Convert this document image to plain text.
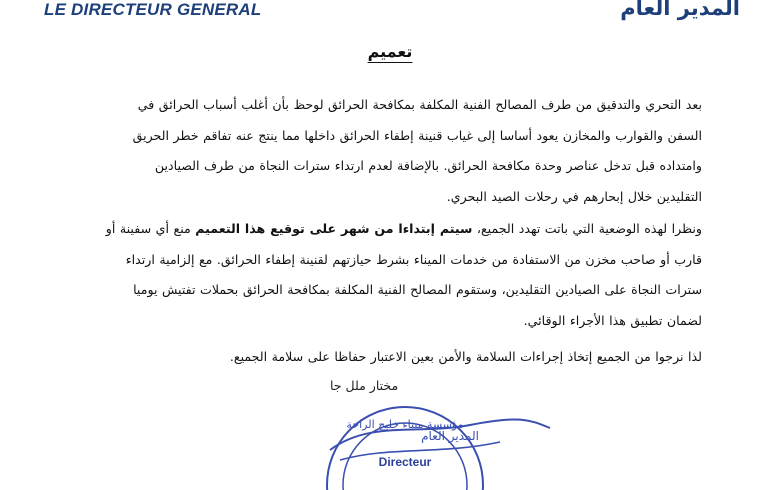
LE DIRECTEUR GENERAL	المدير العام
تعميم
بعد التحري والتدقيق من طرف المصالح الفنية المكلفة بمكافحة الحرائق لوحظ بأن أغلب أسباب الحرائق في
السفن والقوارب والمخازن يعود أساسا إلى غياب قنينة إطفاء الحرائق داخلها مما ينتج عنه تفاقم خطر الحريق
وامتداده قبل تدخل عناصر وحدة مكافحة الحرائق. بالإضافة لعدم ارتداء سترات النجاة من طرف الصيادين
التقليدين خلال إبحارهم في رحلات الصيد البحري.
ونظرا لهذه الوضعية التي باتت تهدد الجميع، سيتم إبتداءا من شهر على توقيع هذا التعميم منع أي سفينة أو
قارب أو صاحب مخزن من الاستفادة من خدمات الميناء بشرط حيازتهم لقنينة إطفاء الحرائق. مع إلزامية ارتداء
سترات النجاة على الصيادين التقليدين، وستقوم المصالح الفنية المكلفة بمكافحة الحرائق بحملات تفتيش يوميا
لضمان تطبيق هذا الأجراء الوقائي.
لذا نرجوا من الجميع إتخاذ إجراءات السلامة والأمن بعين الاعتبار حفاظا على سلامة الجميع.
مختار ملل جا
مؤسسة ميناء خليج الراحة
المدير العام
Directeur
